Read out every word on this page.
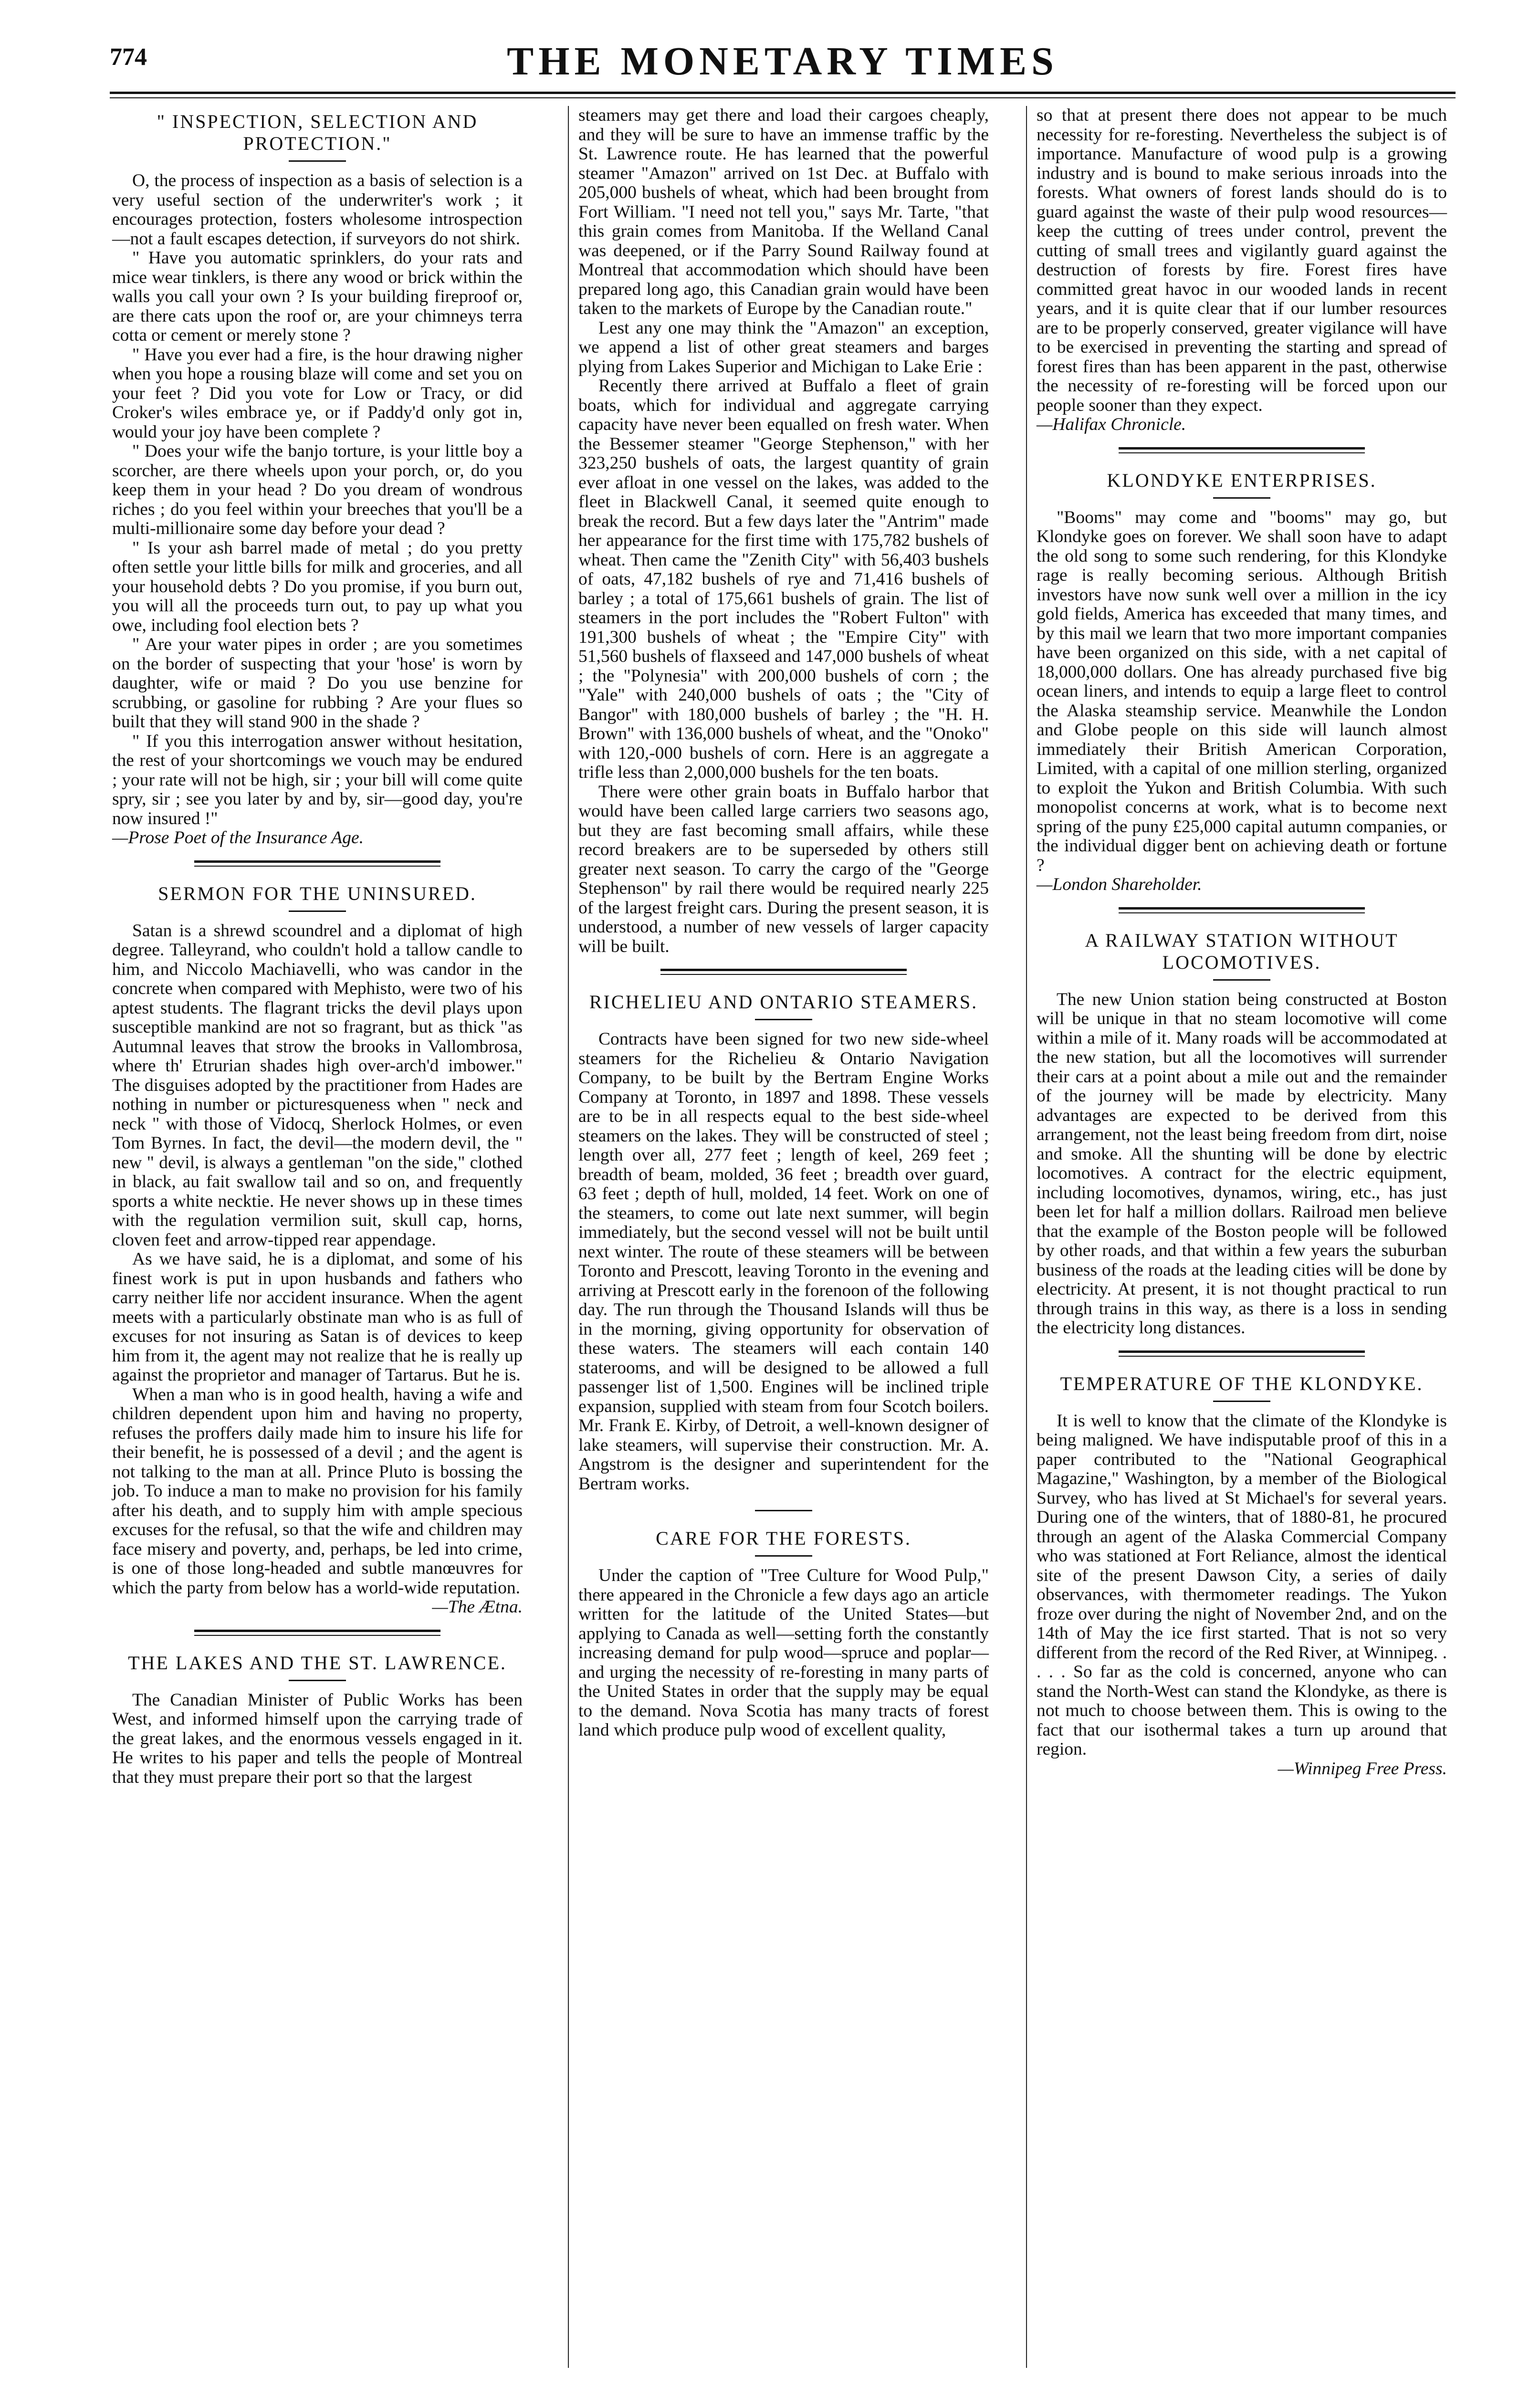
774	THE MONETARY TIMES
" INSPECTION, SELECTION AND PROTECTION."

O, the process of inspection as a basis of selection is a very useful section of the underwriter's work ; it encourages protection, fosters wholesome introspection—not a fault escapes detection, if surveyors do not shirk.

" Have you automatic sprinklers, do your rats and mice wear tinklers, is there any wood or brick within the walls you call your own ? Is your building fireproof or, are there cats upon the roof or, are your chimneys terra cotta or cement or merely stone ?

" Have you ever had a fire, is the hour drawing nigher when you hope a rousing blaze will come and set you on your feet ? Did you vote for Low or Tracy, or did Croker's wiles embrace ye, or if Paddy'd only got in, would your joy have been complete ?

" Does your wife the banjo torture, is your little boy a scorcher, are there wheels upon your porch, or, do you keep them in your head ? Do you dream of wondrous riches ; do you feel within your breeches that you'll be a multi-millionaire some day before your dead ?

" Is your ash barrel made of metal ; do you pretty often settle your little bills for milk and groceries, and all your household debts ? Do you promise, if you burn out, you will all the proceeds turn out, to pay up what you owe, including fool election bets ?

" Are your water pipes in order ; are you sometimes on the border of suspecting that your 'hose' is worn by daughter, wife or maid ? Do you use benzine for scrubbing, or gasoline for rubbing ? Are your flues so built that they will stand 900 in the shade ?

" If you this interrogation answer without hesitation, the rest of your shortcomings we vouch may be endured ; your rate will not be high, sir ; your bill will come quite spry, sir ; see you later by and by, sir—good day, you're now insured !"

—Prose Poet of the Insurance Age.

SERMON FOR THE UNINSURED.

Satan is a shrewd scoundrel and a diplomat of high degree. Talleyrand, who couldn't hold a tallow candle to him, and Niccolo Machiavelli, who was candor in the concrete when compared with Mephisto, were two of his aptest students. The flagrant tricks the devil plays upon susceptible mankind are not so fragrant, but as thick "as Autumnal leaves that strow the brooks in Vallombrosa, where th' Etrurian shades high over-arch'd imbower." The disguises adopted by the practitioner from Hades are nothing in number or picturesqueness when " neck and neck " with those of Vidocq, Sherlock Holmes, or even Tom Byrnes. In fact, the devil—the modern devil, the " new " devil, is always a gentleman "on the side," clothed in black, au fait swallow tail and so on, and frequently sports a white necktie. He never shows up in these times with the regulation vermilion suit, skull cap, horns, cloven feet and arrow-tipped rear appendage.

As we have said, he is a diplomat, and some of his finest work is put in upon husbands and fathers who carry neither life nor accident insurance. When the agent meets with a particularly obstinate man who is as full of excuses for not insuring as Satan is of devices to keep him from it, the agent may not realize that he is really up against the proprietor and manager of Tartarus. But he is.

When a man who is in good health, having a wife and children dependent upon him and having no property, refuses the proffers daily made him to insure his life for their benefit, he is possessed of a devil ; and the agent is not talking to the man at all. Prince Pluto is bossing the job. To induce a man to make no provision for his family after his death, and to supply him with ample specious excuses for the refusal, so that the wife and children may face misery and poverty, and, perhaps, be led into crime, is one of those long-headed and subtle manœuvres for which the party from below has a world-wide reputation.

—The Ætna.

THE LAKES AND THE ST. LAWRENCE.

The Canadian Minister of Public Works has been West, and informed himself upon the carrying trade of the great lakes, and the enormous vessels engaged in it. He writes to his paper and tells the people of Montreal that they must prepare their port so that the largest

steamers may get there and load their cargoes cheaply, and they will be sure to have an immense traffic by the St. Lawrence route. He has learned that the powerful steamer "Amazon" arrived on 1st Dec. at Buffalo with 205,000 bushels of wheat, which had been brought from Fort William. "I need not tell you," says Mr. Tarte, "that this grain comes from Manitoba. If the Welland Canal was deepened, or if the Parry Sound Railway found at Montreal that accommodation which should have been prepared long ago, this Canadian grain would have been taken to the markets of Europe by the Canadian route."

Lest any one may think the "Amazon" an exception, we append a list of other great steamers and barges plying from Lakes Superior and Michigan to Lake Erie :

Recently there arrived at Buffalo a fleet of grain boats, which for individual and aggregate carrying capacity have never been equalled on fresh water. When the Bessemer steamer "George Stephenson," with her 323,250 bushels of oats, the largest quantity of grain ever afloat in one vessel on the lakes, was added to the fleet in Blackwell Canal, it seemed quite enough to break the record. But a few days later the "Antrim" made her appearance for the first time with 175,782 bushels of wheat. Then came the "Zenith City" with 56,403 bushels of oats, 47,182 bushels of rye and 71,416 bushels of barley ; a total of 175,661 bushels of grain. The list of steamers in the port includes the "Robert Fulton" with 191,300 bushels of wheat ; the "Empire City" with 51,560 bushels of flaxseed and 147,000 bushels of wheat ; the "Polynesia" with 200,000 bushels of corn ; the "Yale" with 240,000 bushels of oats ; the "City of Bangor" with 180,000 bushels of barley ; the "H. H. Brown" with 136,000 bushels of wheat, and the "Onoko" with 120,-000 bushels of corn. Here is an aggregate a trifle less than 2,000,000 bushels for the ten boats.

There were other grain boats in Buffalo harbor that would have been called large carriers two seasons ago, but they are fast becoming small affairs, while these record breakers are to be superseded by others still greater next season. To carry the cargo of the "George Stephenson" by rail there would be required nearly 225 of the largest freight cars. During the present season, it is understood, a number of new vessels of larger capacity will be built.

RICHELIEU AND ONTARIO STEAMERS.

Contracts have been signed for two new side-wheel steamers for the Richelieu & Ontario Navigation Company, to be built by the Bertram Engine Works Company at Toronto, in 1897 and 1898. These vessels are to be in all respects equal to the best side-wheel steamers on the lakes. They will be constructed of steel ; length over all, 277 feet ; length of keel, 269 feet ; breadth of beam, molded, 36 feet ; breadth over guard, 63 feet ; depth of hull, molded, 14 feet. Work on one of the steamers, to come out late next summer, will begin immediately, but the second vessel will not be built until next winter. The route of these steamers will be between Toronto and Prescott, leaving Toronto in the evening and arriving at Prescott early in the forenoon of the following day. The run through the Thousand Islands will thus be in the morning, giving opportunity for observation of these waters. The steamers will each contain 140 staterooms, and will be designed to be allowed a full passenger list of 1,500. Engines will be inclined triple expansion, supplied with steam from four Scotch boilers. Mr. Frank E. Kirby, of Detroit, a well-known designer of lake steamers, will supervise their construction. Mr. A. Angstrom is the designer and superintendent for the Bertram works.

CARE FOR THE FORESTS.

Under the caption of "Tree Culture for Wood Pulp," there appeared in the Chronicle a few days ago an article written for the latitude of the United States—but applying to Canada as well—setting forth the constantly increasing demand for pulp wood—spruce and poplar—and urging the necessity of re-foresting in many parts of the United States in order that the supply may be equal to the demand. Nova Scotia has many tracts of forest land which produce pulp wood of excellent quality,

so that at present there does not appear to be much necessity for re-foresting. Nevertheless the subject is of importance. Manufacture of wood pulp is a growing industry and is bound to make serious inroads into the forests. What owners of forest lands should do is to guard against the waste of their pulp wood resources—keep the cutting of trees under control, prevent the cutting of small trees and vigilantly guard against the destruction of forests by fire. Forest fires have committed great havoc in our wooded lands in recent years, and it is quite clear that if our lumber resources are to be properly conserved, greater vigilance will have to be exercised in preventing the starting and spread of forest fires than has been apparent in the past, otherwise the necessity of re-foresting will be forced upon our people sooner than they expect.

—Halifax Chronicle.

KLONDYKE ENTERPRISES.

"Booms" may come and "booms" may go, but Klondyke goes on forever. We shall soon have to adapt the old song to some such rendering, for this Klondyke rage is really becoming serious. Although British investors have now sunk well over a million in the icy gold fields, America has exceeded that many times, and by this mail we learn that two more important companies have been organized on this side, with a net capital of 18,000,000 dollars. One has already purchased five big ocean liners, and intends to equip a large fleet to control the Alaska steamship service. Meanwhile the London and Globe people on this side will launch almost immediately their British American Corporation, Limited, with a capital of one million sterling, organized to exploit the Yukon and British Columbia. With such monopolist concerns at work, what is to become next spring of the puny £25,000 capital autumn companies, or the individual digger bent on achieving death or fortune ?

—London Shareholder.

A RAILWAY STATION WITHOUT LOCOMOTIVES.

The new Union station being constructed at Boston will be unique in that no steam locomotive will come within a mile of it. Many roads will be accommodated at the new station, but all the locomotives will surrender their cars at a point about a mile out and the remainder of the journey will be made by electricity. Many advantages are expected to be derived from this arrangement, not the least being freedom from dirt, noise and smoke. All the shunting will be done by electric locomotives. A contract for the electric equipment, including locomotives, dynamos, wiring, etc., has just been let for half a million dollars. Railroad men believe that the example of the Boston people will be followed by other roads, and that within a few years the suburban business of the roads at the leading cities will be done by electricity. At present, it is not thought practical to run through trains in this way, as there is a loss in sending the electricity long distances.

TEMPERATURE OF THE KLONDYKE.

It is well to know that the climate of the Klondyke is being maligned. We have indisputable proof of this in a paper contributed to the "National Geographical Magazine," Washington, by a member of the Biological Survey, who has lived at St Michael's for several years. During one of the winters, that of 1880-81, he procured through an agent of the Alaska Commercial Company who was stationed at Fort Reliance, almost the identical site of the present Dawson City, a series of daily observances, with thermometer readings. The Yukon froze over during the night of November 2nd, and on the 14th of May the ice first started. That is not so very different from the record of the Red River, at Winnipeg. . . . . So far as the cold is concerned, anyone who can stand the North-West can stand the Klondyke, as there is not much to choose between them. This is owing to the fact that our isothermal takes a turn up around that region.

—Winnipeg Free Press.
